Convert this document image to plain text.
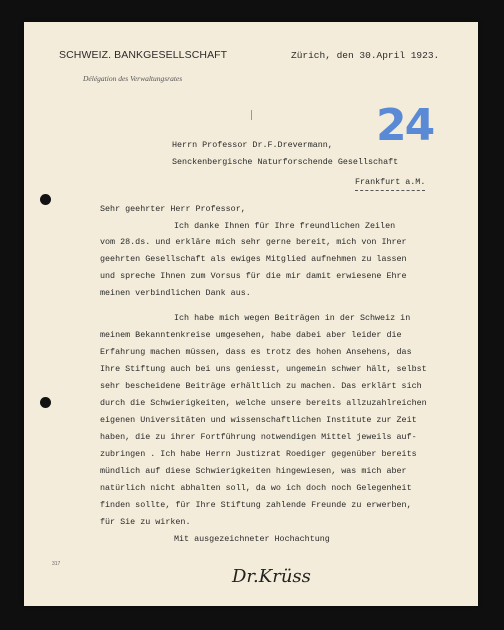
SCHWEIZ. BANKGESELLSCHAFT
Délégation des Verwaltungsrates
Zürich, den 30.April 1923.
24
Herrn Professor Dr.F.Drevermann,
Senckenbergische Naturforschende Gesellschaft
Frankfurt a.M.
Sehr geehrter Herr Professor,
Ich danke Ihnen für Ihre freundlichen Zeilen
vom 28.ds. und erkläre mich sehr gerne bereit, mich von Ihrer
geehrten Gesellschaft als ewiges Mitglied aufnehmen zu lassen
und spreche Ihnen zum Vorsus für die mir damit erwiesene Ehre
meinen verbindlichen Dank aus.
Ich habe mich wegen Beiträgen in der Schweiz in
meinem Bekanntenkreise umgesehen, habe dabei aber leider die
Erfahrung machen müssen, dass es trotz des hohen Ansehens, das
Ihre Stiftung auch bei uns geniesst, ungemein schwer hält, selbst
sehr bescheidene Beiträge erhältlich zu machen. Das erklärt sich
durch die Schwierigkeiten, welche unsere bereits allzuzahlreichen
eigenen Universitäten und wissenschaftlichen Institute zur Zeit
haben, die zu ihrer Fortführung notwendigen Mittel jeweils auf-
zubringen . Ich habe Herrn Justizrat Roediger gegenüber bereits
mündlich auf diese Schwierigkeiten hingewiesen, was mich aber
natürlich nicht abhalten soll, da wo ich doch noch Gelegenheit
finden sollte, für Ihre Stiftung zahlende Freunde zu erwerben,
für Sie zu wirken.
Mit ausgezeichneter Hochachtung
317
Dr.Krüss
